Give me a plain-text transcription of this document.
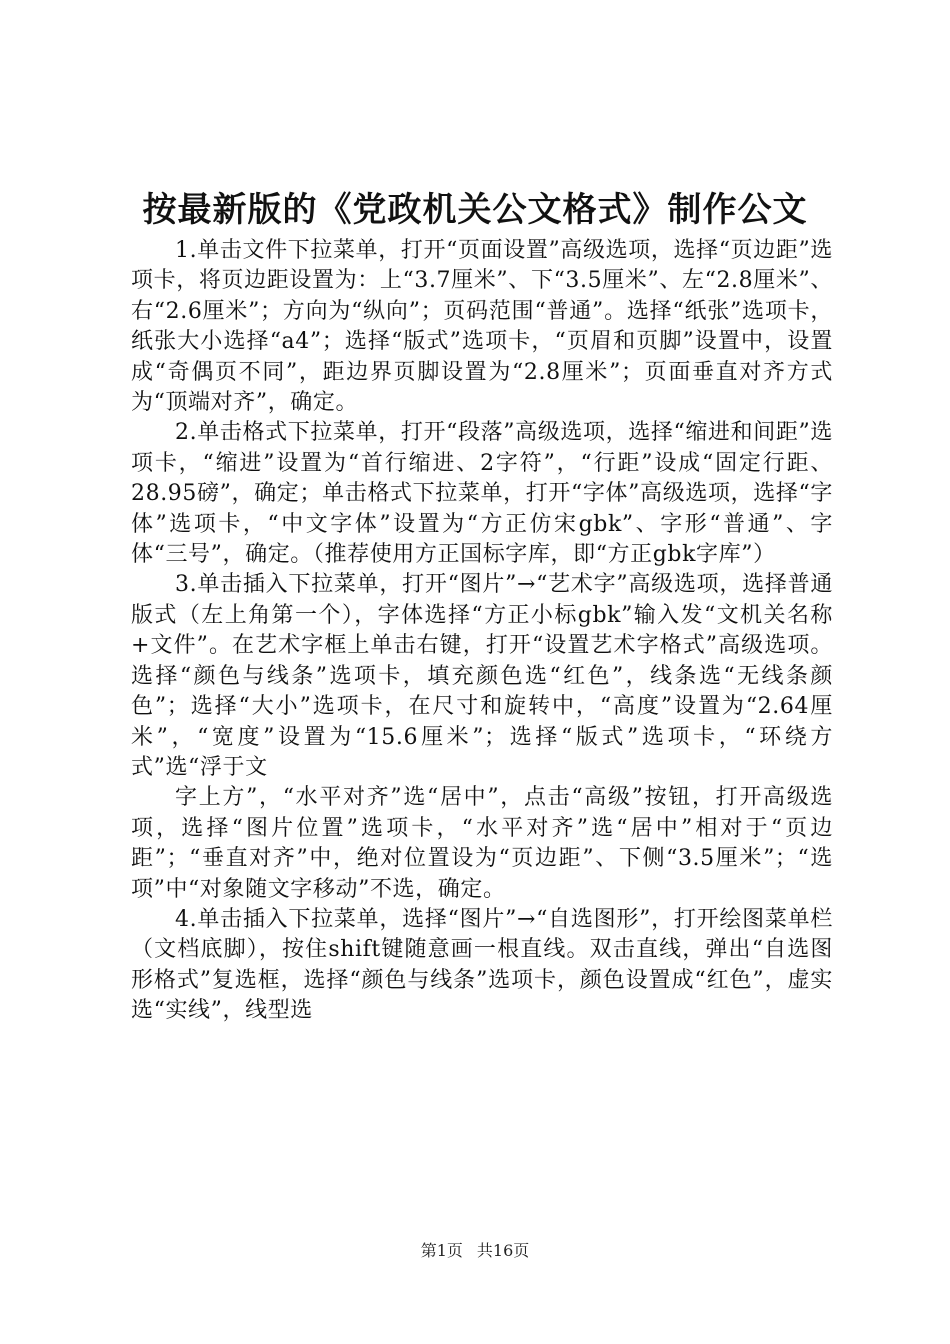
按最新版的《党政机关公文格式》制作公文

1.单击文件下拉菜单，打开“页面设置”高级选项，选择“页边距”选项卡，将页边距设置为：上“3.7厘米”、下“3.5厘米”、左“2.8厘米”、右“2.6厘米”；方向为“纵向”；页码范围“普通”。选择“纸张”选项卡，纸张大小选择“a4”；选择“版式”选项卡，“页眉和页脚”设置中，设置成“奇偶页不同”，距边界页脚设置为“2.8厘米”；页面垂直对齐方式为“顶端对齐”，确定。

2.单击格式下拉菜单，打开“段落”高级选项，选择“缩进和间距”选项卡，“缩进”设置为“首行缩进、2字符”，“行距”设成“固定行距、28.95磅”，确定；单击格式下拉菜单，打开“字体”高级选项，选择“字体”选项卡，“中文字体”设置为“方正仿宋gbk”、字形“普通”、字体“三号”，确定。（推荐使用方正国标字库，即“方正gbk字库”）

3.单击插入下拉菜单，打开“图片”→“艺术字”高级选项，选择普通版式（左上角第一个），字体选择“方正小标gbk”输入发“文机关名称+文件”。在艺术字框上单击右键，打开“设置艺术字格式”高级选项。选择“颜色与线条”选项卡，填充颜色选“红色”，线条选“无线条颜色”；选择“大小”选项卡，在尺寸和旋转中，“高度”设置为“2.64厘米”，“宽度”设置为“15.6厘米”；选择“版式”选项卡，“环绕方式”选“浮于文

字上方”，“水平对齐”选“居中”，点击“高级”按钮，打开高级选项，选择“图片位置”选项卡，“水平对齐”选“居中”相对于“页边距”；“垂直对齐”中，绝对位置设为“页边距”、下侧“3.5厘米”；“选项”中“对象随文字移动”不选，确定。

4.单击插入下拉菜单，选择“图片”→“自选图形”，打开绘图菜单栏（文档底脚），按住shift键随意画一根直线。双击直线，弹出“自选图形格式”复选框，选择“颜色与线条”选项卡，颜色设置成“红色”，虚实选“实线”，线型选

第1页 共16页
